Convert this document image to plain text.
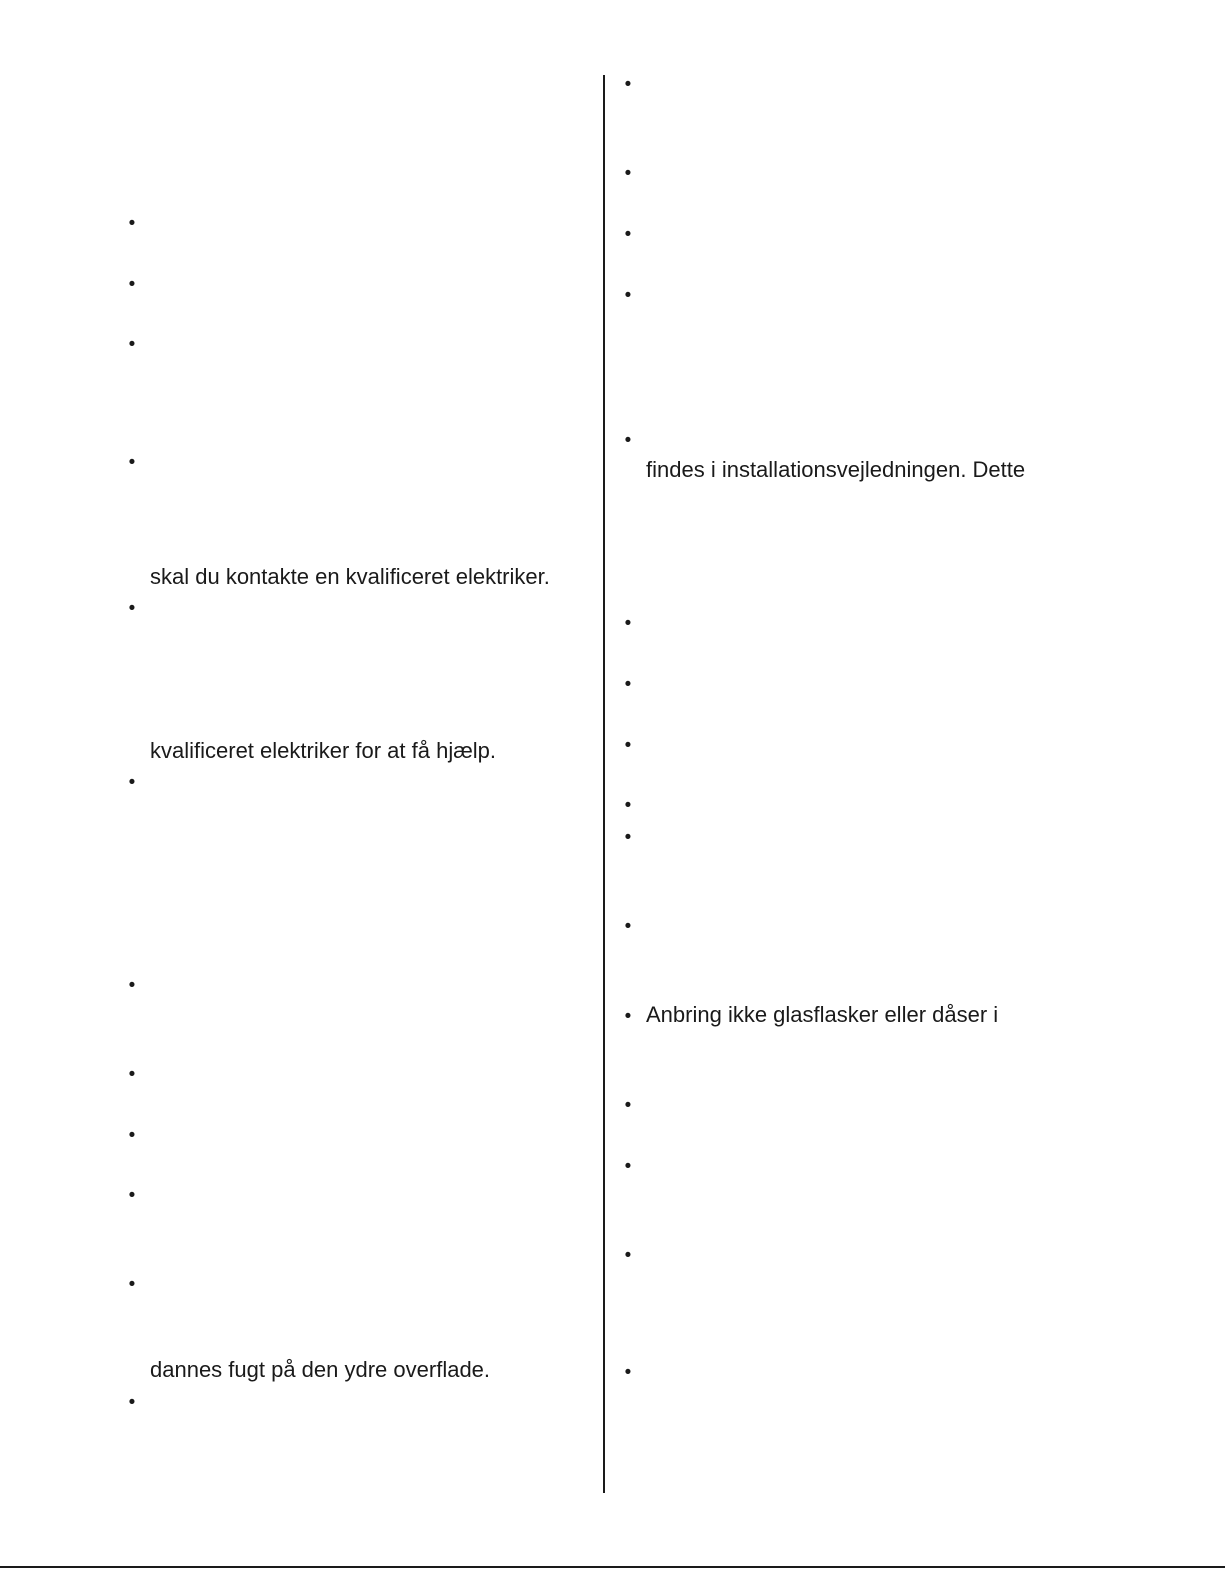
•
•
•
•
•
•
•
•
•
•
•
•
skal du kontakte en kvalificeret elektriker.
kvalificeret elektriker for at få hjælp.
dannes fugt på den ydre overflade.
•
•
•
•
•
•
•
•
•
•
•
•
•
•
•
•
findes i installationsvejledningen. Dette
Anbring ikke glasflasker eller dåser i
